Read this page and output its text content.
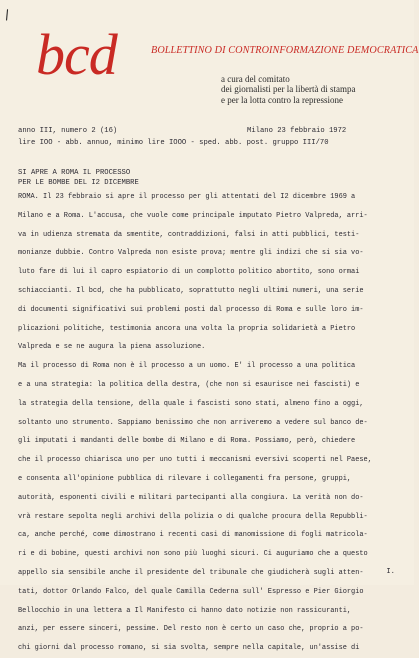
/
bcd	BOLLETTINO DI CONTROINFORMAZIONE DEMOCRATICA
a cura del comitato
dei giornalisti per la libertà di stampa
e per la lotta contro la repressione
anno III, numero 2 (16)	Milano 23 febbraio 1972
lire IOO - abb. annuo, minimo lire IOOO - sped. abb. post. gruppo III/70
SI APRE A ROMA IL PROCESSO
PER LE BOMBE DEL I2 DICEMBRE
ROMA. Il 23 febbraio si apre il processo per gli attentati del I2 dicembre 1969 a
Milano e a Roma. L'accusa, che vuole come principale imputato Pietro Valpreda, arri-
va in udienza stremata da smentite, contraddizioni, falsi in atti pubblici, testi-
monianze dubbie. Contro Valpreda non esiste prova; mentre gli indizi che si sia vo-
luto fare di lui il capro espiatorio di un complotto politico abortito, sono ormai
schiaccianti. Il bcd, che ha pubblicato, soprattutto negli ultimi numeri, una serie
di documenti significativi sui problemi posti dal processo di Roma e sulle loro im-
plicazioni politiche, testimonia ancora una volta la propria solidarietà a Pietro
Valpreda e se ne augura la piena assoluzione.
Ma il processo di Roma non è il processo a un uomo. E' il processo a una politica
e a una strategia: la politica della destra, (che non si esaurisce nei fascisti) e
la strategia della tensione, della quale i fascisti sono stati, almeno fino a oggi,
soltanto uno strumento. Sappiamo benissimo che non arriveremo a vedere sul banco de-
gli imputati i mandanti delle bombe di Milano e di Roma. Possiamo, però, chiedere
che il processo chiarisca uno per uno tutti i meccanismi eversivi scoperti nel Paese,
e consenta all'opinione pubblica di rilevare i collegamenti fra persone, gruppi,
autorità, esponenti civili e militari partecipanti alla congiura. La verità non do-
vrà restare sepolta negli archivi della polizia o di qualche procura della Repubbli-
ca, anche perché, come dimostrano i recenti casi di manomissione di fogli matricola-
ri e di bobine, questi archivi non sono più luoghi sicuri. Ci auguriamo che a questo
appello sia sensibile anche il presidente del tribunale che giudicherà sugli atten-
tati, dottor Orlando Falco, del quale Camilla Cederna sull' Espresso e Pier Giorgio
Bellocchio in una lettera a Il Manifesto ci hanno dato notizie non rassicuranti,
anzi, per essere sinceri, pessime. Del resto non è certo un caso che, proprio a po-
chi giorni dal processo romano, si sia svolta, sempre nella capitale, un'assise di
I.
